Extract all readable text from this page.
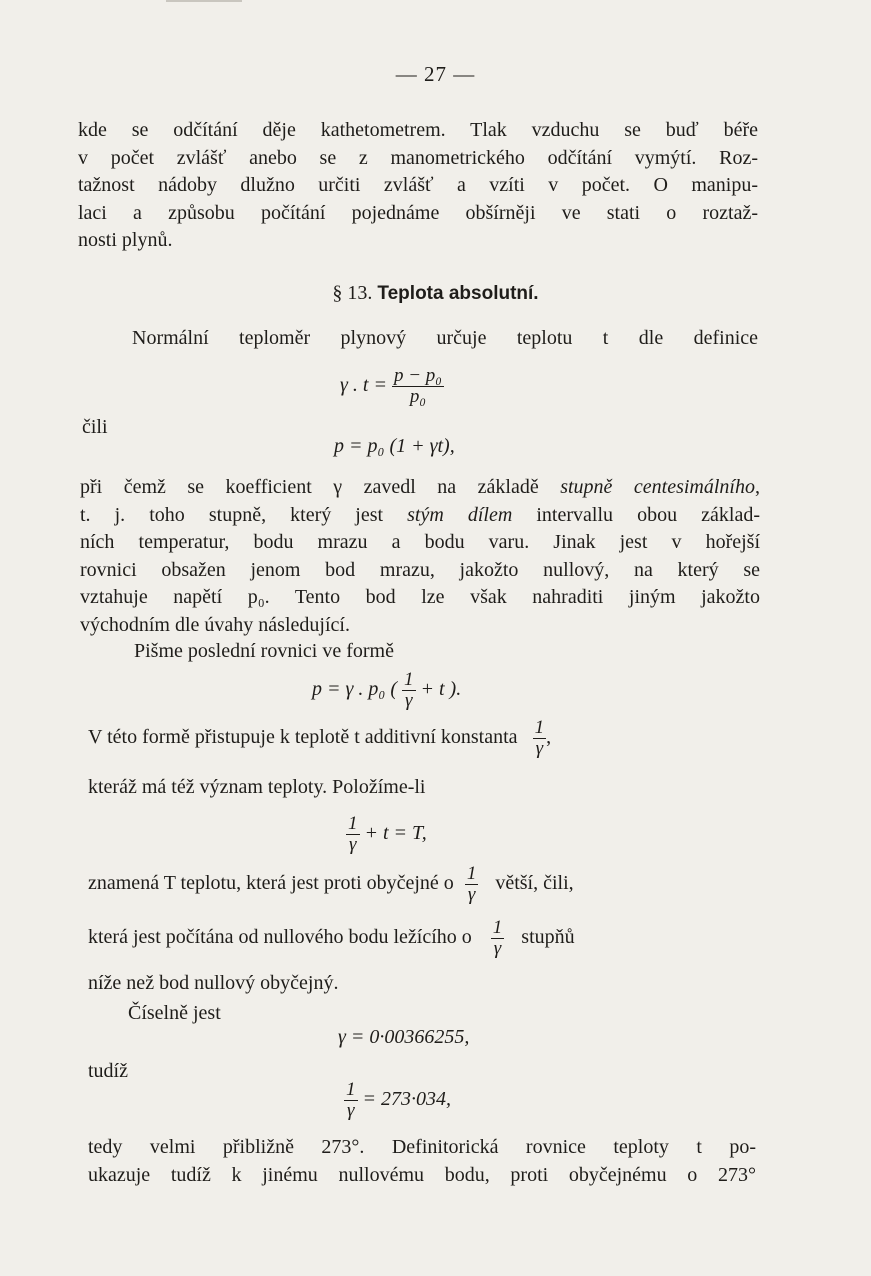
— 27 —
kde se odčítání děje kathetometrem. Tlak vzduchu se buď béře
v počet zvlášť anebo se z manometrického odčítání vymýtí. Roz-
tažnost nádoby dlužno určiti zvlášť a vzíti v počet. O manipu-
laci a způsobu počítání pojednáme obšírněji ve stati o roztaž-
nosti plynů.
§ 13. Teplota absolutní.
Normální teploměr plynový určuje teplotu t dle definice
γ . $t = \frac{\text{p − p₀}}{\text{p₀}}$
čili
p = p₀ (1 + γt),
při čemž se koefficient γ zavedl na základě stupně centesimálního,
t. j. toho stupně, který jest stým dílem intervallu obou základ-
ních temperatur, bodu mrazu a bodu varu. Jinak jest v hořejší
rovnici obsažen jenom bod mrazu, jakožto nullový, na který se
vztahuje napětí p₀. Tento bod lze však nahraditi jiným jakožto
východním dle úvahy následující.
Pišme poslední rovnici ve formě
p = γ . p₀ ( $\frac{1}{\gamma} + t$ ).
V této formě přistupuje k teplotě t additivní konstanta $\frac{1}{\gamma}$ ,
kteráž má též význam teploty. Položíme-li
$\frac{1}{\gamma} + t = T$,
znamená T teplotu, která jest proti obyčejné o $\frac{1}{\gamma}$ větší, čili,
která jest počítána od nullového bodu ležícího o $\frac{1}{\gamma}$ stupňů
níže než bod nullový obyčejný.
Číselně jest
γ = 0·00366255,
tudíž
$\frac{1}{\gamma} = 273\cdot 034$,
tedy velmi přibližně 273°. Definitorická rovnice teploty t po-
ukazuje tudíž k jinému nullovému bodu, proti obyčejnému o 273°
